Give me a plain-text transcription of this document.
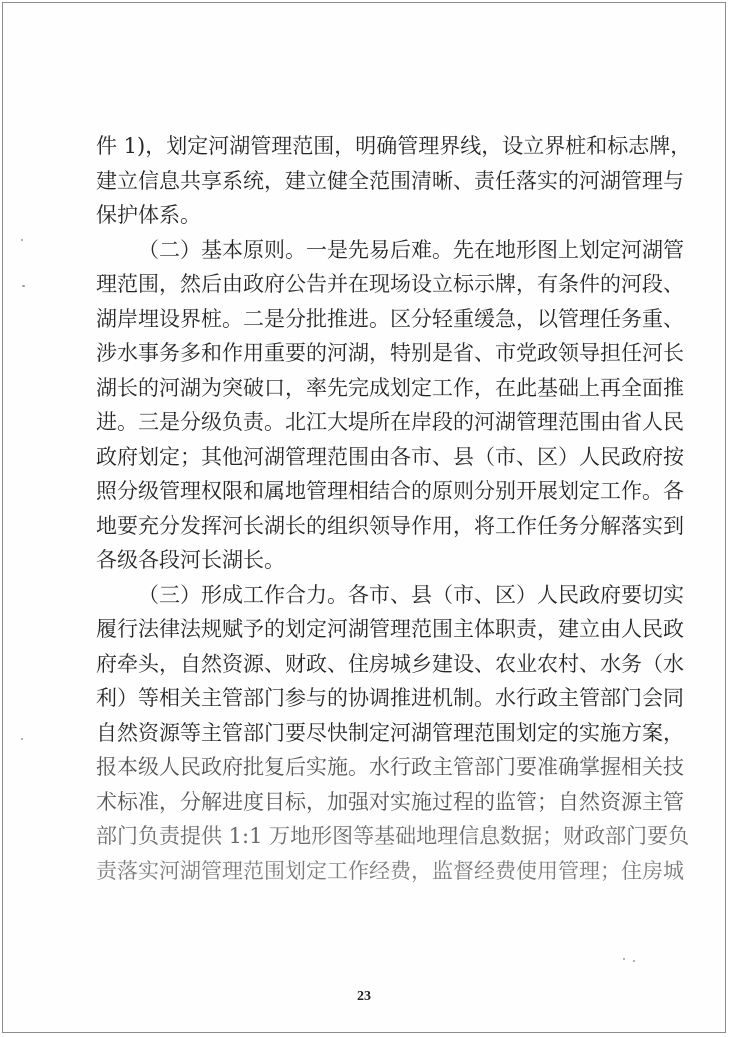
件 1)，划定河湖管理范围，明确管理界线，设立界桩和标志牌，
建立信息共享系统，建立健全范围清晰、责任落实的河湖管理与
保护体系。
（二）基本原则。一是先易后难。先在地形图上划定河湖管
理范围，然后由政府公告并在现场设立标示牌，有条件的河段、
湖岸埋设界桩。二是分批推进。区分轻重缓急，以管理任务重、
涉水事务多和作用重要的河湖，特别是省、市党政领导担任河长
湖长的河湖为突破口，率先完成划定工作，在此基础上再全面推
进。三是分级负责。北江大堤所在岸段的河湖管理范围由省人民
政府划定；其他河湖管理范围由各市、县（市、区）人民政府按
照分级管理权限和属地管理相结合的原则分别开展划定工作。各
地要充分发挥河长湖长的组织领导作用，将工作任务分解落实到
各级各段河长湖长。
（三）形成工作合力。各市、县（市、区）人民政府要切实
履行法律法规赋予的划定河湖管理范围主体职责，建立由人民政
府牵头，自然资源、财政、住房城乡建设、农业农村、水务（水
利）等相关主管部门参与的协调推进机制。水行政主管部门会同
自然资源等主管部门要尽快制定河湖管理范围划定的实施方案，
报本级人民政府批复后实施。水行政主管部门要准确掌握相关技
术标准，分解进度目标，加强对实施过程的监管；自然资源主管
部门负责提供 1:1 万地形图等基础地理信息数据；财政部门要负
责落实河湖管理范围划定工作经费，监督经费使用管理；住房城
23
